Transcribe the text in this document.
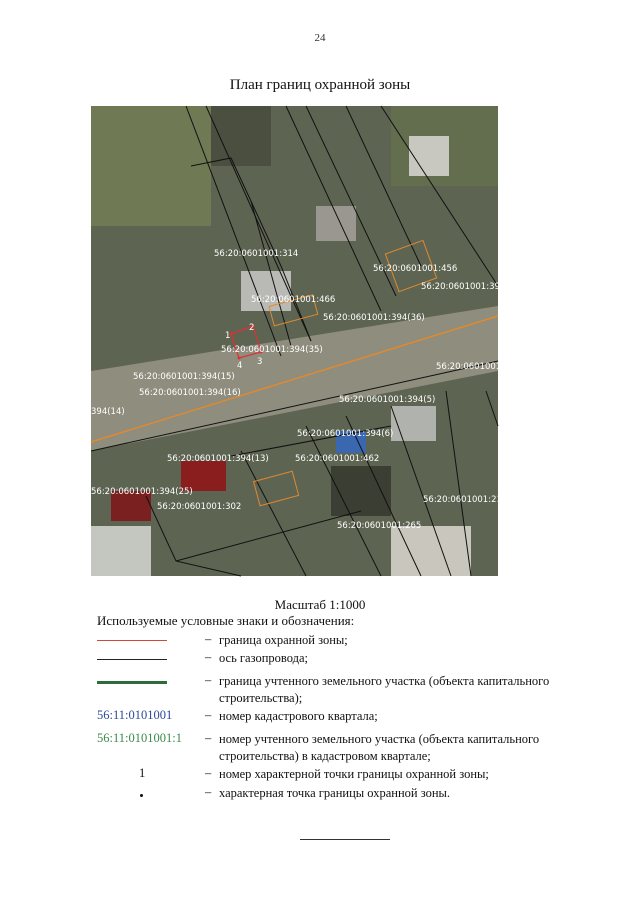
24
План границ охранной зоны
1
2
3
4
56:20:0601001:314
56:20:0601001:456
56:20:0601001:39
56:20:0601001:466
56:20:0601001:394(36)
56:20:0601001:394(35)
56:20:0601001:394(15)
56:20:0601001:394(16)
394(14)
56:20:0601001:4
56:20:0601001:394(5)
56:20:0601001:394(6)
56:20:0601001:394(13)	56:20:0601001:462
56:20:0601001:394(25)
56:20:0601001:302
56:20:0601001:265
56:20:0601001:21
Масштаб 1:1000
Используемые условные знаки и обозначения:
– граница охранной зоны;
– ось газопровода;
– граница учтенного земельного участка (объекта капитального строительства);
56:11:0101001	– номер кадастрового квартала;
56:11:0101001:1 – номер учтенного земельного участка (объекта капитального строительства) в кадастровом квартале;
1	– номер характерной точки границы охранной зоны;
– характерная точка границы охранной зоны.
